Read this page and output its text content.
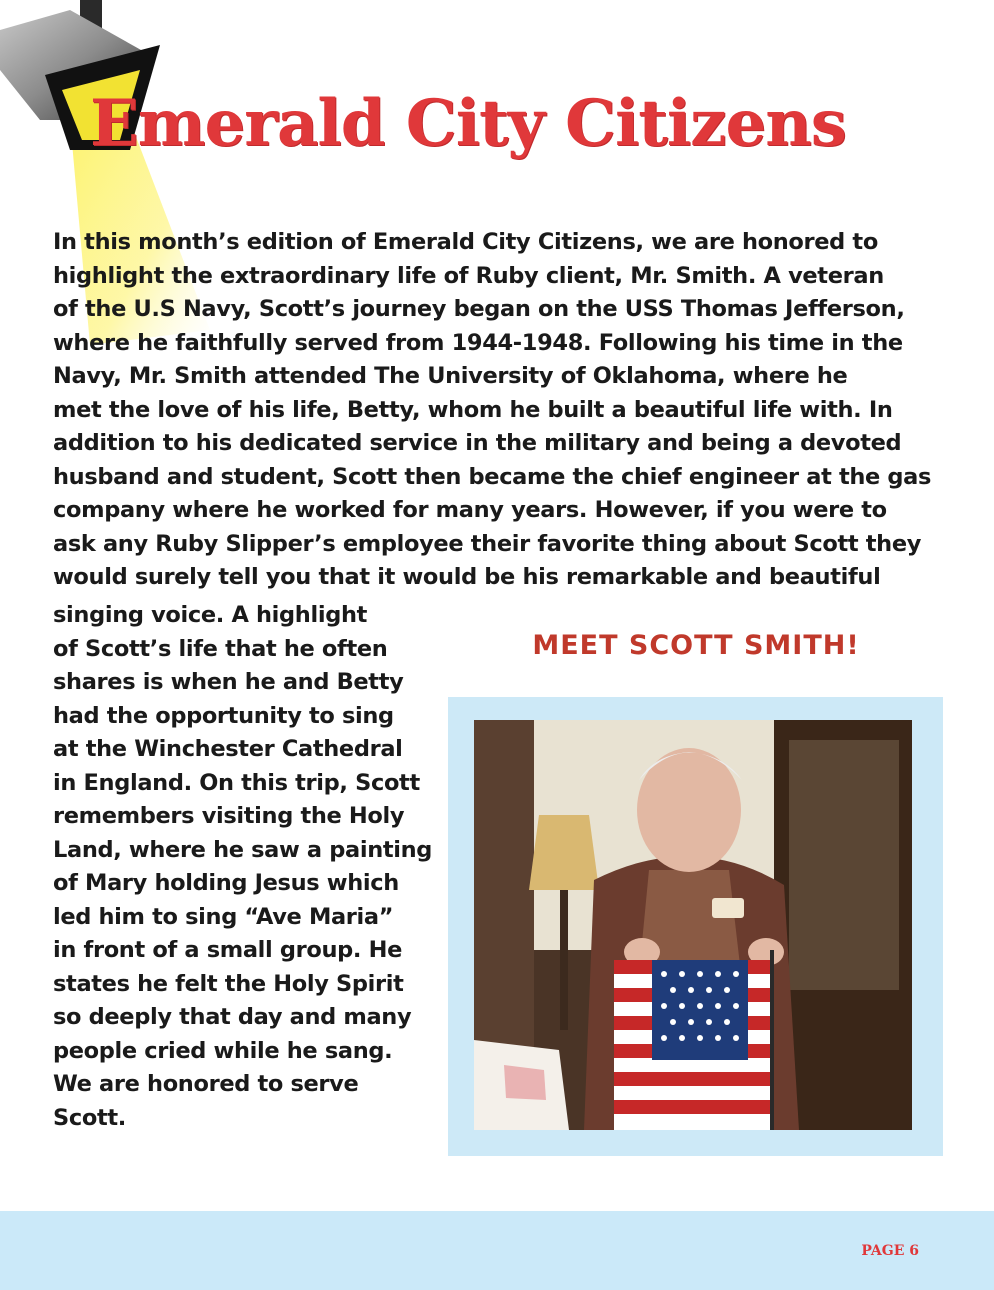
Emerald City Citizens

In this month’s edition of Emerald City Citizens, we are honored to
highlight the extraordinary life of Ruby client, Mr. Smith. A veteran
of the U.S Navy, Scott’s journey began on the USS Thomas Jefferson,
where he faithfully served from 1944-1948. Following his time in the
Navy, Mr. Smith attended The University of Oklahoma, where he
met the love of his life, Betty, whom he built a beautiful life with. In
addition to his dedicated service in the military and being a devoted
husband and student, Scott then became the chief engineer at the gas
company where he worked for many years. However, if you were to
ask any Ruby Slipper’s employee their favorite thing about Scott they
would surely tell you that it would be his remarkable and beautiful

singing voice. A highlight
of Scott’s life that he often
shares is when he and Betty
had the opportunity to sing
at the Winchester Cathedral
in England. On this trip, Scott
remembers visiting the Holy
Land, where he saw a painting
of Mary holding Jesus which
led him to sing “Ave Maria”
in front of a small group. He
states he felt the Holy Spirit
so deeply that day and many
people cried while he sang.
We are honored to serve
Scott.

MEET SCOTT SMITH!
PAGE 6
